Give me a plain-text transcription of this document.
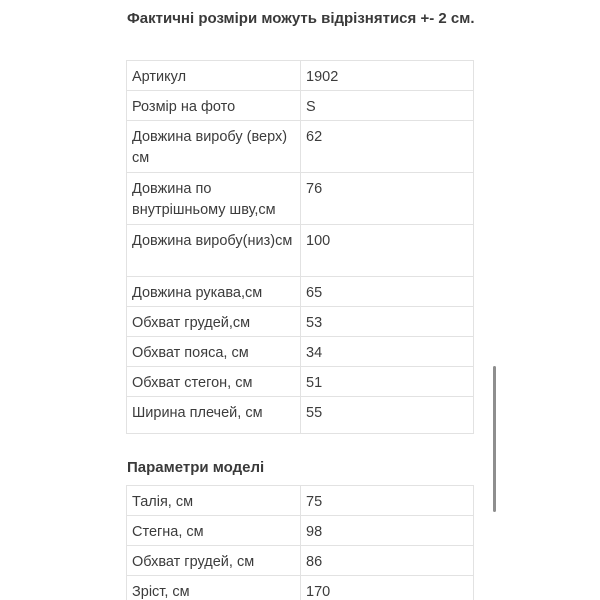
Фактичні розміри можуть відрізнятися +- 2 см.

Артикул	1902
Розмір на фото	S
Довжина виробу (верх) см	62
Довжина по внутрішньому шву,см	76
Довжина виробу(низ)см	100
Довжина рукава,см	65
Обхват грудей,см	53
Обхват пояса, см	34
Обхват стегон, см	51
Ширина плечей, см	55
Параметри моделі
Талія, см	75
Стегна, см	98
Обхват грудей, см	86
Зріст, см	170
